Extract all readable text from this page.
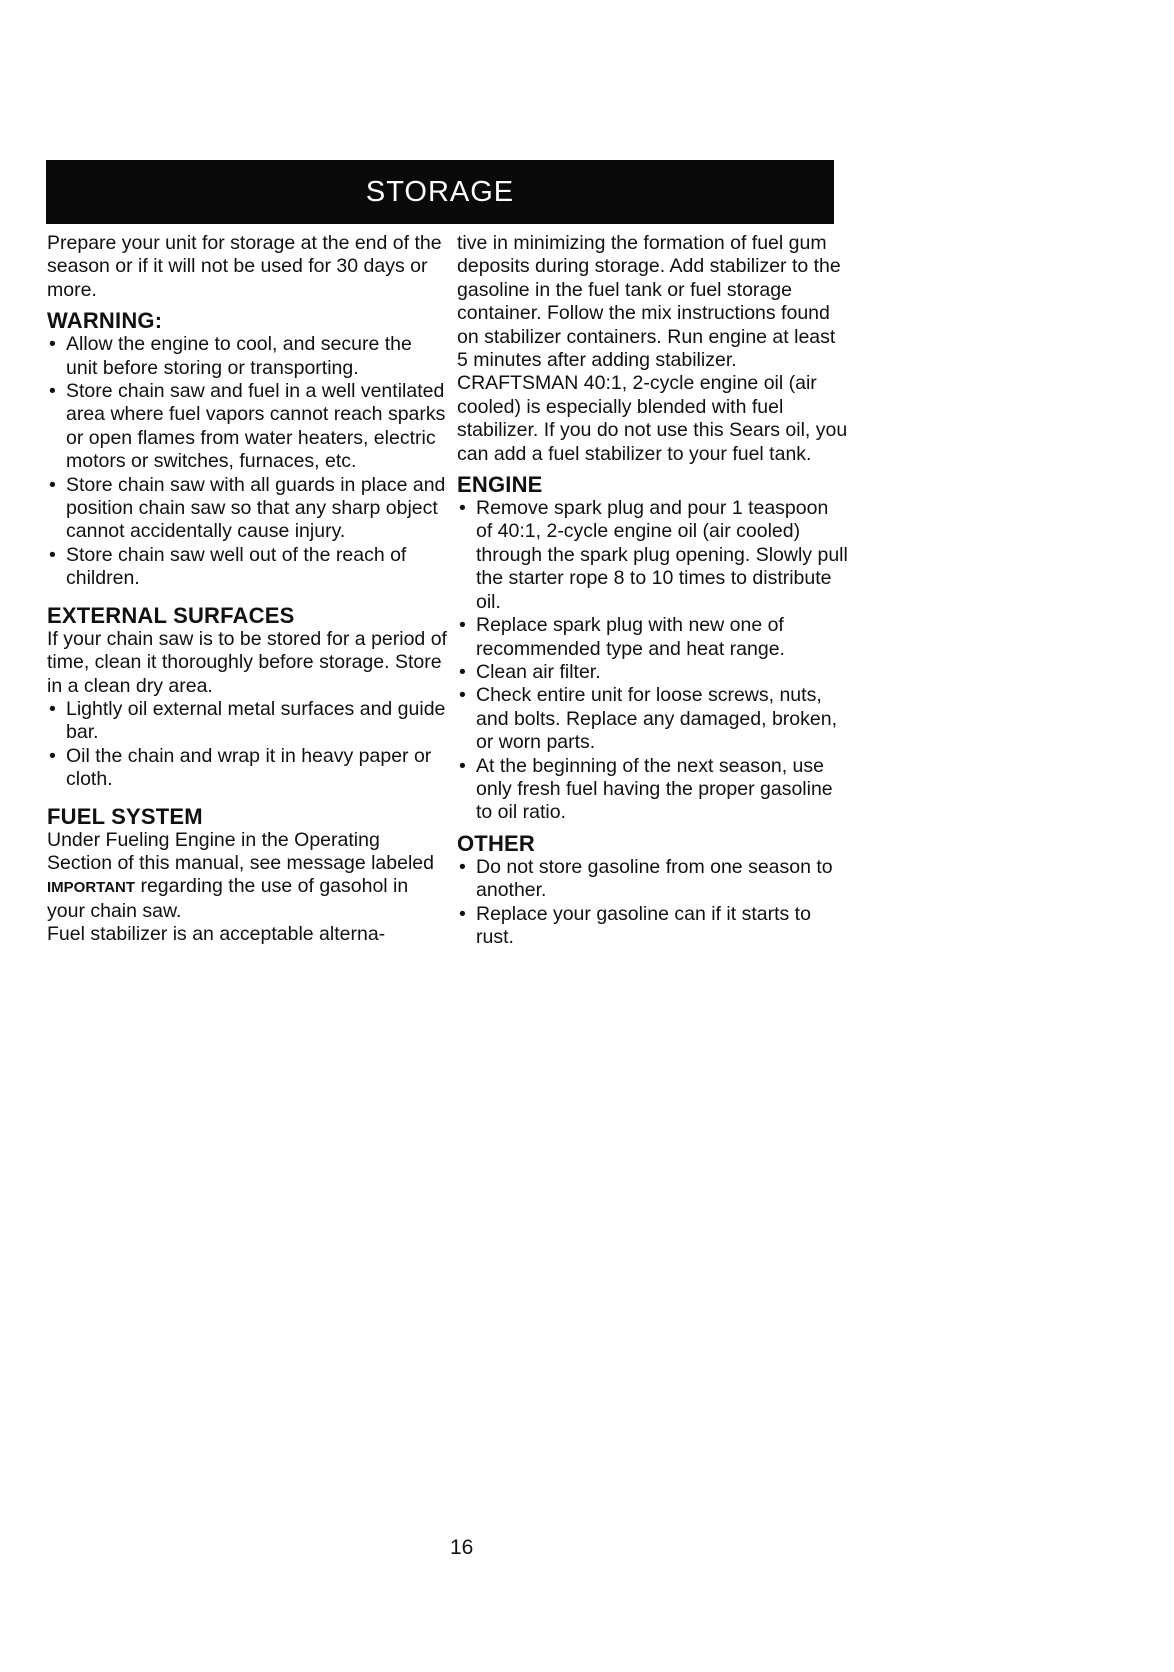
STORAGE

Prepare your unit for storage at the end of the season or if it will not be used for 30 days or more.

WARNING:
• Allow the engine to cool, and secure the unit before storing or transporting.
• Store chain saw and fuel in a well ventilated area where fuel vapors cannot reach sparks or open flames from water heaters, electric motors or switches, furnaces, etc.
• Store chain saw with all guards in place and position chain saw so that any sharp object cannot accidentally cause injury.
• Store chain saw well out of the reach of children.
EXTERNAL SURFACES

If your chain saw is to be stored for a period of time, clean it thoroughly before storage. Store in a clean dry area.

• Lightly oil external metal surfaces and guide bar.
• Oil the chain and wrap it in heavy paper or cloth.
FUEL SYSTEM

Under Fueling Engine in the Operating Section of this manual, see message labeled IMPORTANT regarding the use of gasohol in your chain saw.

Fuel stabilizer is an acceptable alterna-

tive in minimizing the formation of fuel gum deposits during storage. Add stabilizer to the gasoline in the fuel tank or fuel storage container. Follow the mix instructions found on stabilizer containers. Run engine at least 5 minutes after adding stabilizer.

CRAFTSMAN 40:1, 2-cycle engine oil (air cooled) is especially blended with fuel stabilizer. If you do not use this Sears oil, you can add a fuel stabilizer to your fuel tank.

ENGINE
• Remove spark plug and pour 1 teaspoon of 40:1, 2-cycle engine oil (air cooled) through the spark plug opening. Slowly pull the starter rope 8 to 10 times to distribute oil.
• Replace spark plug with new one of recommended type and heat range.
• Clean air filter.
• Check entire unit for loose screws, nuts, and bolts. Replace any damaged, broken, or worn parts.
• At the beginning of the next season, use only fresh fuel having the proper gasoline to oil ratio.
OTHER
• Do not store gasoline from one season to another.
• Replace your gasoline can if it starts to rust.
16
